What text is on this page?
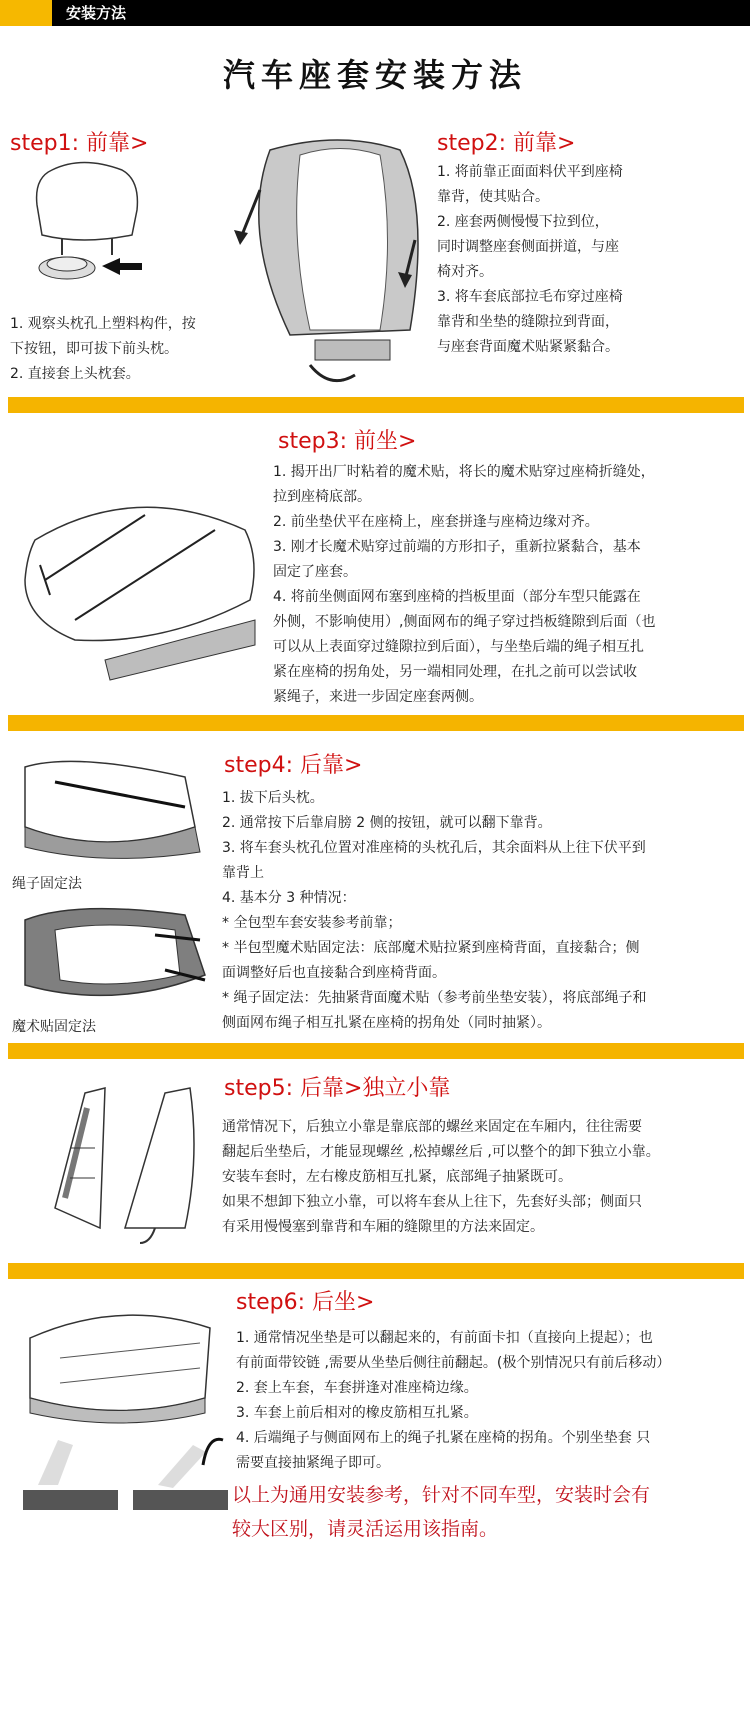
安装方法
汽车座套安装方法
step1: 前靠>

1. 观察头枕孔上塑料构件，按

下按钮，即可拔下前头枕。

2. 直接套上头枕套。

step2: 前靠>

1. 将前靠正面面料伏平到座椅

靠背，使其贴合。

2. 座套两侧慢慢下拉到位，

同时调整座套侧面拼道，与座

椅对齐。

3. 将车套底部拉毛布穿过座椅

靠背和坐垫的缝隙拉到背面，

与座套背面魔术贴紧紧黏合。

step3: 前坐>

1. 揭开出厂时粘着的魔术贴，将长的魔术贴穿过座椅折缝处，

拉到座椅底部。

2. 前坐垫伏平在座椅上，座套拼逢与座椅边缘对齐。

3. 刚才长魔术贴穿过前端的方形扣子，重新拉紧黏合，基本

固定了座套。

4. 将前坐侧面网布塞到座椅的挡板里面（部分车型只能露在

外侧，不影响使用）,侧面网布的绳子穿过挡板缝隙到后面（也

可以从上表面穿过缝隙拉到后面），与坐垫后端的绳子相互扎

紧在座椅的拐角处，另一端相同处理，在扎之前可以尝试收

紧绳子，来进一步固定座套两侧。

step4: 后靠>
绳子固定法
魔术贴固定法

1. 拔下后头枕。

2. 通常按下后靠肩膀 2 侧的按钮，就可以翻下靠背。

3. 将车套头枕孔位置对准座椅的头枕孔后，其余面料从上往下伏平到

靠背上

4. 基本分 3 种情况：

* 全包型车套安装参考前靠；

* 半包型魔术贴固定法：底部魔术贴拉紧到座椅背面，直接黏合；侧

面调整好后也直接黏合到座椅背面。

* 绳子固定法：先抽紧背面魔术贴（参考前坐垫安装），将底部绳子和

侧面网布绳子相互扎紧在座椅的拐角处（同时抽紧）。

step5: 后靠>独立小靠

通常情况下，后独立小靠是靠底部的螺丝来固定在车厢内，往往需要

翻起后坐垫后，才能显现螺丝 ,松掉螺丝后 ,可以整个的卸下独立小靠。

安装车套时，左右橡皮筋相互扎紧，底部绳子抽紧既可。

如果不想卸下独立小靠，可以将车套从上往下，先套好头部；侧面只

有采用慢慢塞到靠背和车厢的缝隙里的方法来固定。

step6: 后坐>

1. 通常情况坐垫是可以翻起来的，有前面卡扣（直接向上提起）；也

有前面带铰链 ,需要从坐垫后侧往前翻起。(极个别情况只有前后移动）

2. 套上车套，车套拼逢对准座椅边缘。

3. 车套上前后相对的橡皮筋相互扎紧。

4. 后端绳子与侧面网布上的绳子扎紧在座椅的拐角。个别坐垫套 只

需要直接抽紧绳子即可。

以上为通用安装参考，针对不同车型，安装时会有
较大区别，请灵活运用该指南。
